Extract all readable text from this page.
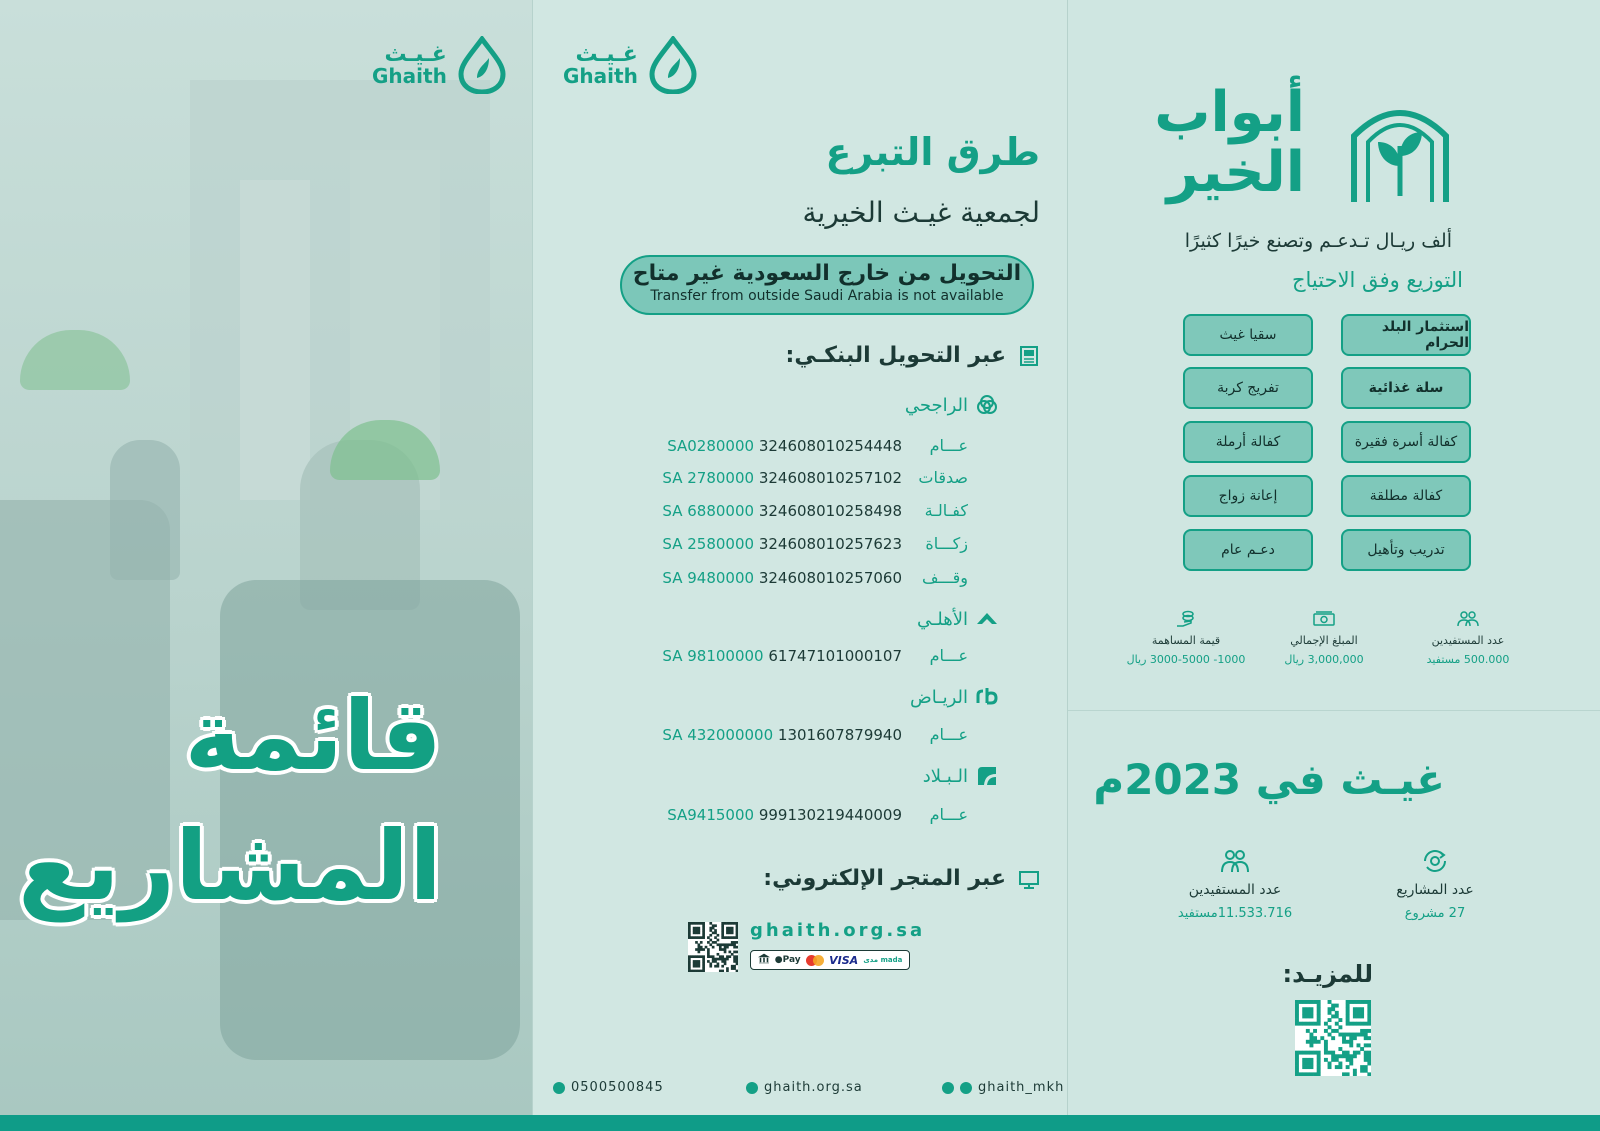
غـيـث
Ghaith
قائمة
المشاريع
غـيـث
Ghaith
طرق التبرع
لجمعية غيـث الخيرية
التحويل من خارج السعودية غير متاح
Transfer from outside Saudi Arabia is not available
عبر التحويل البنكـي:
الراجحي
عـــام
SA0280000 324608010254448
صدقات
SA 2780000 324608010257102
كفـالـة
SA 6880000 324608010258498
زكـــاة
SA 2580000 324608010257623
وقـــف
SA 9480000 324608010257060
الأهلـي
عـــام
SA 98100000 61747101000107
الريـاض
عـــام
SA 432000000 1301607879940
الـبـلاد
عـــام
SA9415000 999130219440009
عبر المتجر الإلكتروني:
ghaith.org.sa
●Pay	VISA مدى mada
0500500845	ghaith.org.sa	ghaith_mkh
أبواب
الخير
ألف ريـال تـدعـم وتصنع خيرًا كثيرًا
التوزيع وفق الاحتياج
استثمار البلد الحرام
سقيا غيث
سلة غذائية
تفريج كربة
كفالة أسرة فقيرة
كفالة أرملة
كفالة مطلقة
إعانة زواج
تدريب وتأهيل
دعـم عام
عدد المستفيدين
500.000 مستفيد
المبلغ الإجمالي
3,000,000 ريال
قيمة المساهمة
1000- 3000-5000 ريال
غيـث في 2023م
عدد المشاريع
27 مشروع
عدد المستفيدين
11.533.716مستفيد
للمزيـد:
